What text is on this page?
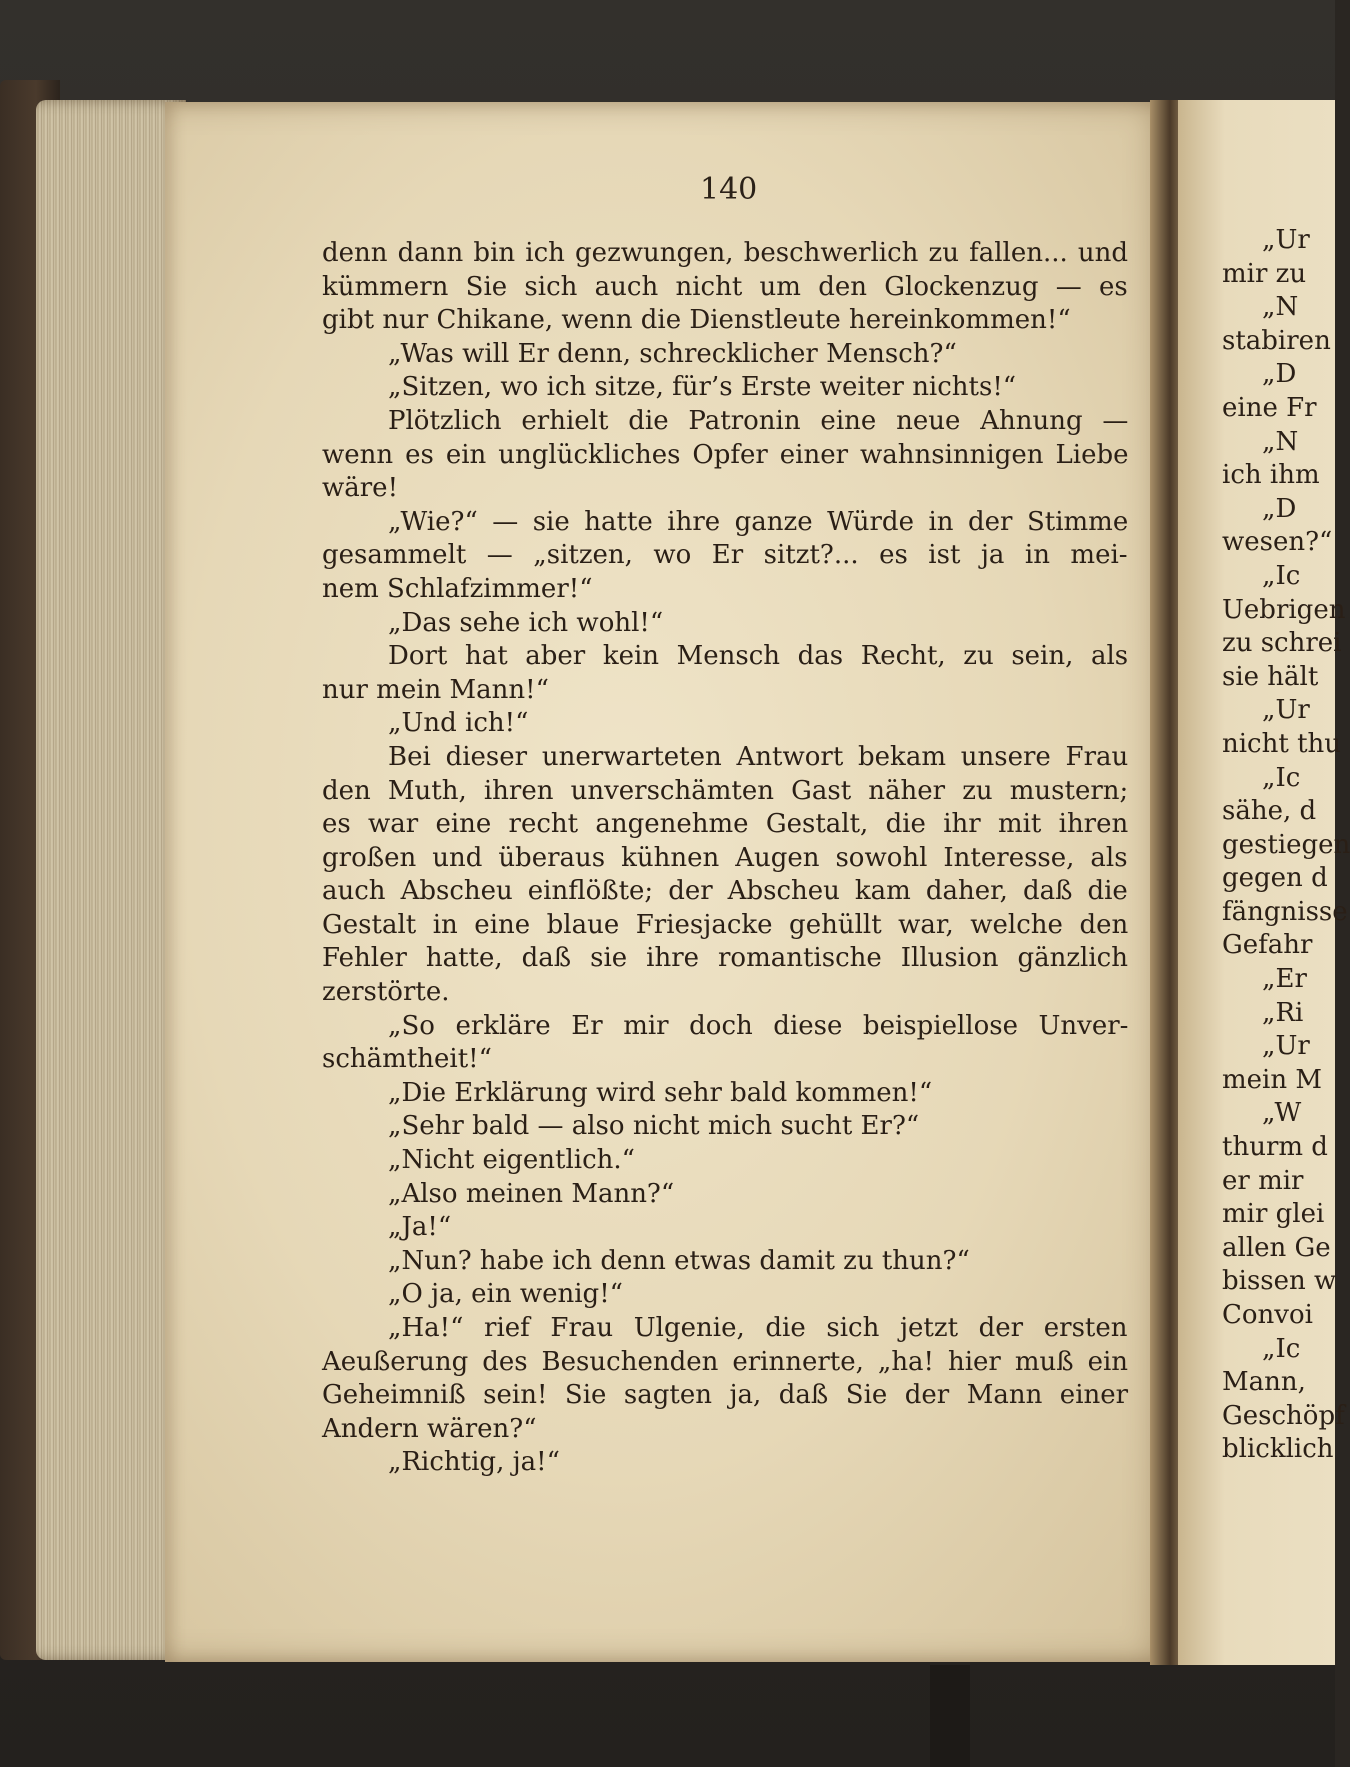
140
denn dann bin ich gezwungen, beschwerlich zu fallen... und
kümmern Sie sich auch nicht um den Glockenzug — es
gibt nur Chikane, wenn die Dienstleute hereinkommen!“
„Was will Er denn, schrecklicher Mensch?“
„Sitzen, wo ich sitze, für’s Erste weiter nichts!“
Plötzlich erhielt die Patronin eine neue Ahnung —
wenn es ein unglückliches Opfer einer wahnsinnigen Liebe
wäre!
„Wie?“ — sie hatte ihre ganze Würde in der Stimme
gesammelt — „sitzen, wo Er sitzt?... es ist ja in mei-
nem Schlafzimmer!“
„Das sehe ich wohl!“
Dort hat aber kein Mensch das Recht, zu sein, als
nur mein Mann!“
„Und ich!“
Bei dieser unerwarteten Antwort bekam unsere Frau
den Muth, ihren unverschämten Gast näher zu mustern;
es war eine recht angenehme Gestalt, die ihr mit ihren
großen und überaus kühnen Augen sowohl Interesse, als
auch Abscheu einflößte; der Abscheu kam daher, daß die
Gestalt in eine blaue Friesjacke gehüllt war, welche den
Fehler hatte, daß sie ihre romantische Illusion gänzlich
zerstörte.
„So erkläre Er mir doch diese beispiellose Unver-
schämtheit!“
„Die Erklärung wird sehr bald kommen!“
„Sehr bald — also nicht mich sucht Er?“
„Nicht eigentlich.“
„Also meinen Mann?“
„Ja!“
„Nun? habe ich denn etwas damit zu thun?“
„O ja, ein wenig!“
„Ha!“ rief Frau Ulgenie, die sich jetzt der ersten
Aeußerung des Besuchenden erinnerte, „ha! hier muß ein
Geheimniß sein! Sie sagten ja, daß Sie der Mann einer
Andern wären?“
„Richtig, ja!“
„Ur
mir zu
„N
stabiren
„D
eine Fr
„N
ich ihm
„D
wesen?“
„Ic
Uebrigen
zu schrei
sie hält
„Ur
nicht thu
„Ic
sähe, d
gestiegen
gegen d
fängnisse
Gefahr
„Er
„Ri
„Ur
mein M
„W
thurm d
er mir
mir glei
allen Ge
bissen w
Convoi
„Ic
Mann,
Geschöpf
blicklich
